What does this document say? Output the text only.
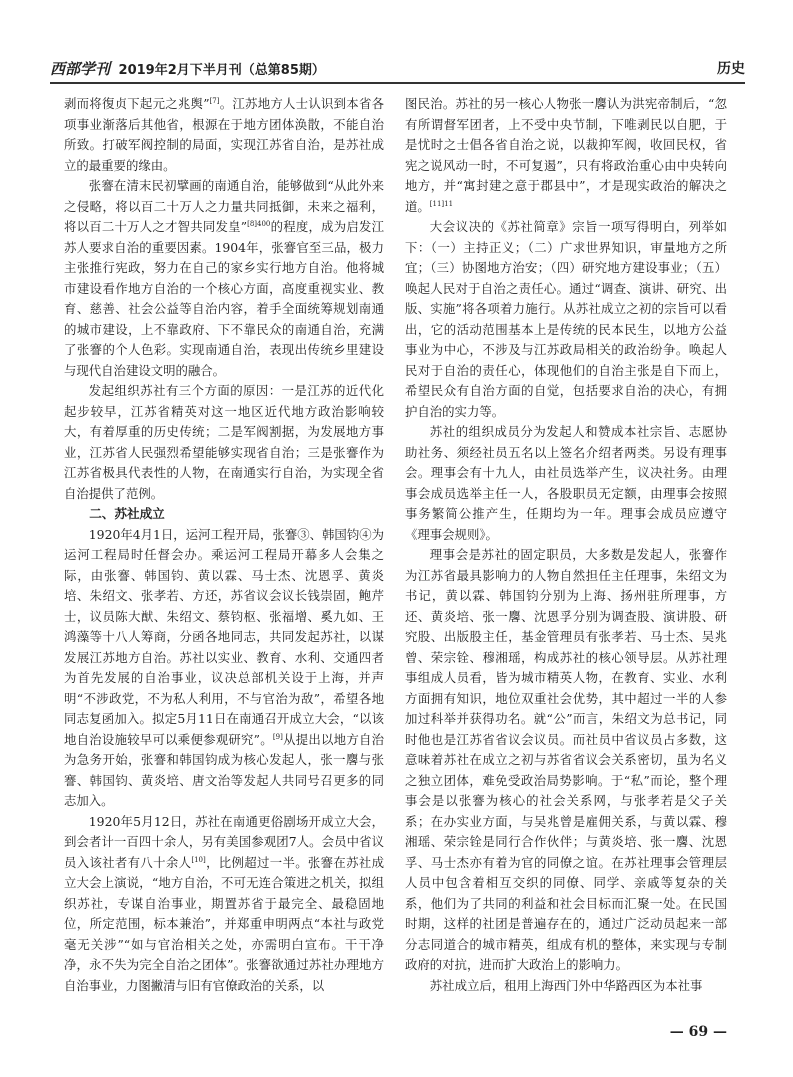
西部学刊 2019年2月下半月刊（总第85期）	历史

剥而将復贞下起元之兆舆”[7]。江苏地方人士认识到本省各项事业渐落后其他省，根源在于地方团体涣散，不能自治所致。打破军阀控制的局面，实现江苏省自治，是苏社成立的最重要的缘由。

张謇在清末民初擘画的南通自治，能够做到“从此外来之侵略，将以百二十万人之力量共同抵御，未来之福利，将以百二十万人之才智共同发皇”$^{[8]400}$的程度，成为启发江苏人要求自治的重要因素。1904年，张謇官至三品，极力主张推行宪政，努力在自己的家乡实行地方自治。他将城市建设看作地方自治的一个核心方面，高度重视实业、教育、慈善、社会公益等自治内容，着手全面统筹规划南通的城市建设，上不靠政府、下不靠民众的南通自治，充满了张謇的个人色彩。实现南通自治，表现出传统乡里建设与现代自治建设文明的融合。

发起组织苏社有三个方面的原因：一是江苏的近代化起步较早，江苏省精英对这一地区近代地方政治影响较大，有着厚重的历史传统；二是军阀割据，为发展地方事业，江苏省人民强烈希望能够实现省自治；三是张謇作为江苏省极具代表性的人物，在南通实行自治，为实现全省自治提供了范例。

二、苏社成立

1920年4月1日，运河工程开局，张謇③、韩国钧④为运河工程局时任督会办。乘运河工程局开幕多人会集之际，由张謇、韩国钧、黄以霖、马士杰、沈恩孚、黄炎培、朱绍文、张孝若、方还，苏省议会议长钱崇固，鲍芹士，议员陈大猷、朱绍文、蔡钧枢、张福增、奚九如、王鸿藻等十八人筹商，分函各地同志，共同发起苏社，以谋发展江苏地方自治。苏社以实业、教育、水利、交通四者为首先发展的自治事业，议决总部机关设于上海，并声明“不涉政党，不为私人利用，不与官治为敌”，希望各地同志复函加入。拟定5月11日在南通召开成立大会，“以该地自治设施较早可以乘便参观研究”。[9]从提出以地方自治为急务开始，张謇和韩国钧成为核心发起人，张一麐与张謇、韩国钧、黄炎培、唐文治等发起人共同号召更多的同志加入。

1920年5月12日，苏社在南通更俗剧场开成立大会，到会者计一百四十余人，另有美国参观团7人。会员中省议员入该社者有八十余人[10]，比例超过一半。张謇在苏社成立大会上演说，“地方自治，不可无连合策进之机关，拟组织苏社，专谋自治事业，期置苏省于最完全、最稳固地位，所定范围，标本兼治”，并郑重申明两点“本社与政党毫无关涉”“如与官治相关之处，亦需明白宣布。干干净净，永不失为完全自治之团体”。张謇欲通过苏社办理地方自治事业，力图撇清与旧有官僚政治的关系，以

图民治。苏社的另一核心人物张一麐认为洪宪帝制后，“忽有所谓督军团者，上不受中央节制，下唯剥民以自肥，于是忧时之士倡各省自治之说，以裁抑军阀，收回民权，省宪之说风动一时，不可复遏”，只有将政治重心由中央转向地方，并“寓封建之意于郡县中”，才是现实政治的解决之道。$^{[11]11}$

大会议决的《苏社简章》宗旨一项写得明白，列举如下：（一）主持正义；（二）广求世界知识，审量地方之所宜；（三）协图地方治安；（四）研究地方建设事业；（五）唤起人民对于自治之责任心。通过“调查、演讲、研究、出版、实施”将各项着力施行。从苏社成立之初的宗旨可以看出，它的活动范围基本上是传统的民本民生，以地方公益事业为中心，不涉及与江苏政局相关的政治纷争。唤起人民对于自治的责任心，体现他们的自治主张是自下而上，希望民众有自治方面的自觉，包括要求自治的决心，有拥护自治的实力等。

苏社的组织成员分为发起人和赞成本社宗旨、志愿协助社务、须经社员五名以上签名介绍者两类。另设有理事会。理事会有十九人，由社员选举产生，议决社务。由理事会成员选举主任一人，各股职员无定额，由理事会按照事务繁简公推产生，任期均为一年。理事会成员应遵守《理事会规则》。

理事会是苏社的固定职员，大多数是发起人，张謇作为江苏省最具影响力的人物自然担任主任理事，朱绍文为书记，黄以霖、韩国钧分别为上海、扬州驻所理事，方还、黄炎培、张一麐、沈恩孚分别为调查股、演讲股、研究股、出版股主任，基金管理员有张孝若、马士杰、吴兆曾、荣宗铨、穆湘瑶，构成苏社的核心领导层。从苏社理事组成人员看，皆为城市精英人物，在教育、实业、水利方面拥有知识，地位双重社会优势，其中超过一半的人参加过科举并获得功名。就“公”而言，朱绍文为总书记，同时他也是江苏省省议会议员。而社员中省议员占多数，这意味着苏社在成立之初与苏省省议会关系密切，虽为名义之独立团体，难免受政治局势影响。于“私”而论，整个理事会是以张謇为核心的社会关系网，与张孝若是父子关系；在办实业方面，与吴兆曾是雇佣关系，与黄以霖、穆湘瑶、荣宗铨是同行合作伙伴；与黄炎培、张一麐、沈恩孚、马士杰亦有着为官的同僚之谊。在苏社理事会管理层人员中包含着相互交织的同僚、同学、亲戚等复杂的关系，他们为了共同的利益和社会目标而汇聚一处。在民国时期，这样的社团是普遍存在的，通过广泛动员起来一部分志同道合的城市精英，组成有机的整体，来实现与专制政府的对抗，进而扩大政治上的影响力。

苏社成立后，租用上海西门外中华路西区为本社事

— 69 —
